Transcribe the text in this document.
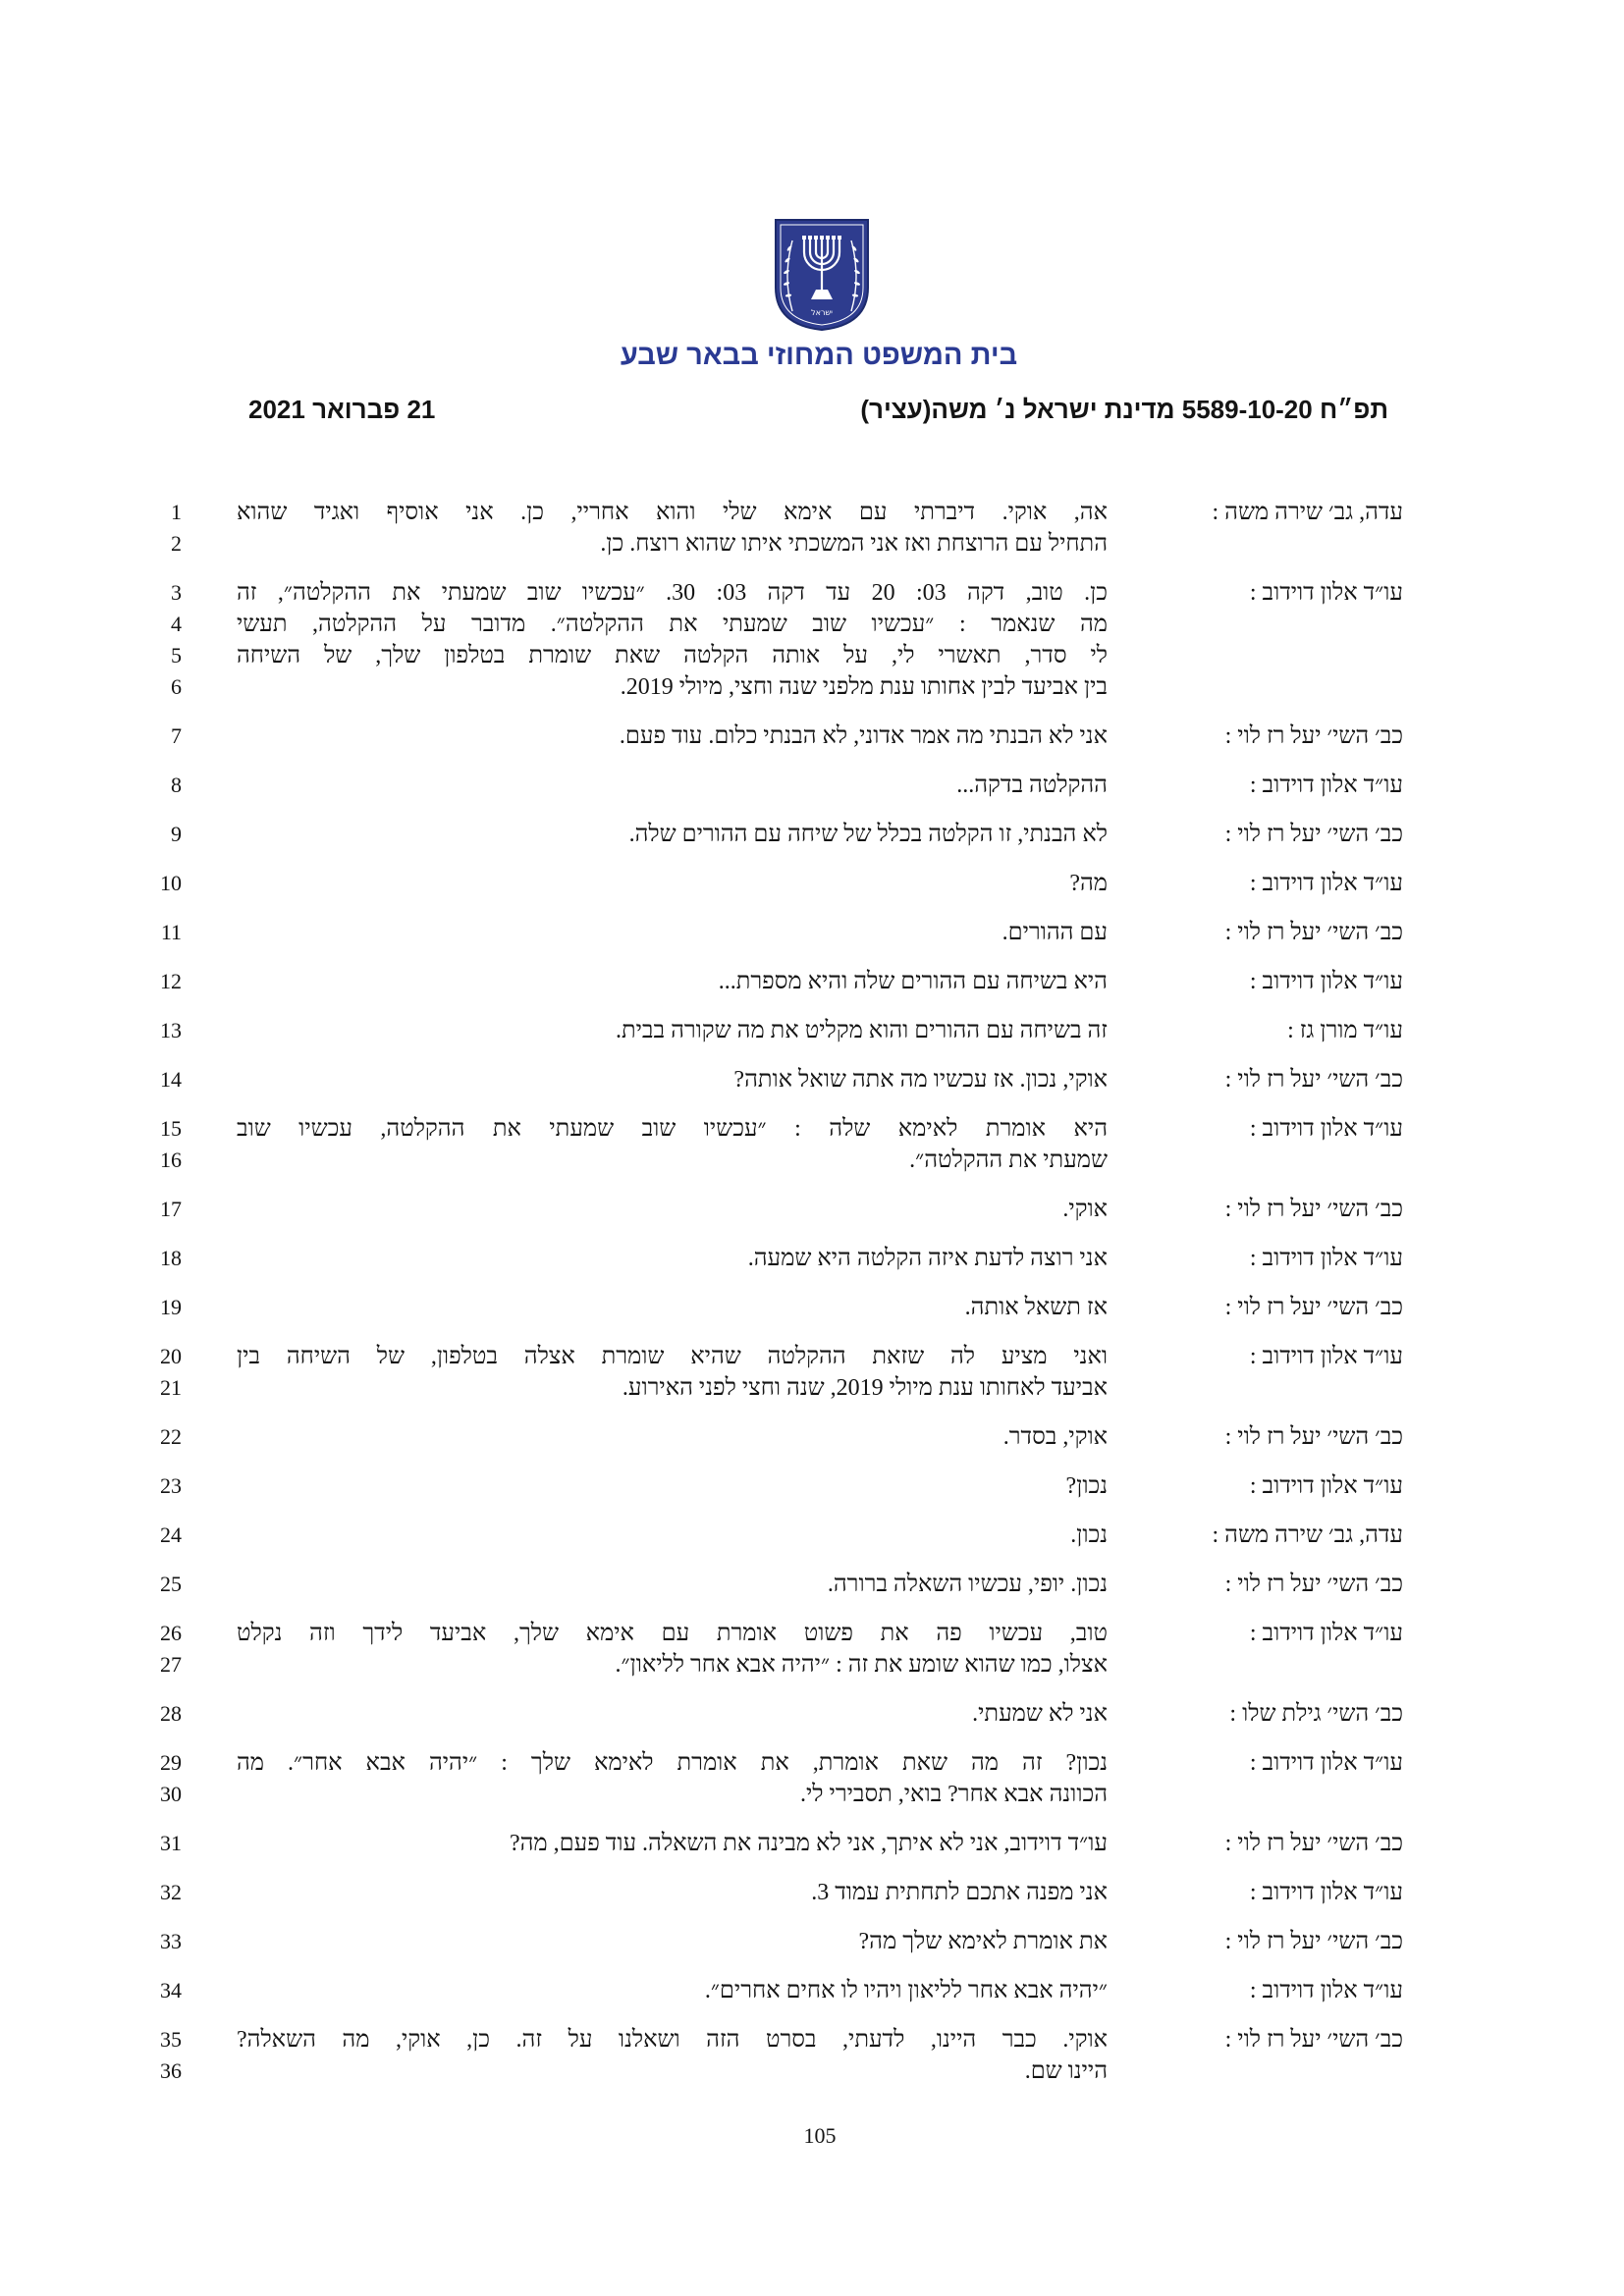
ישראל
בית המשפט המחוזי בבאר שבע
תפ״ח 5589-10-20 מדינת ישראל נ׳ משה(עציר)
21 פברואר 2021
עדה, גב׳ שירה משה :
אה, אוקי. דיברתי עם אימא שלי והוא אחריי, כן. אני אוסיף ואגיד שהוא
התחיל עם הרוצחת ואז אני המשכתי איתו שהוא רוצח. כן.
1
2
עו״ד אלון דוידוב :
כן. טוב, דקה 03: 20 עד דקה 03: 30. ״עכשיו שוב שמעתי את ההקלטה״, זה
מה שנאמר : ״עכשיו שוב שמעתי את ההקלטה״. מדובר על ההקלטה, תעשי
לי סדר, תאשרי לי, על אותה הקלטה שאת שומרת בטלפון שלך, של השיחה
בין אביעד לבין אחותו ענת מלפני שנה וחצי, מיולי 2019.
3
4
5
6
כב׳ השי׳ יעל רז לוי :
אני לא הבנתי מה אמר אדוני, לא הבנתי כלום. עוד פעם.
7
עו״ד אלון דוידוב :
ההקלטה בדקה...
8
כב׳ השי׳ יעל רז לוי :
לא הבנתי, זו הקלטה בכלל של שיחה עם ההורים שלה.
9
עו״ד אלון דוידוב :
מה?
10
כב׳ השי׳ יעל רז לוי :
עם ההורים.
11
עו״ד אלון דוידוב :
היא בשיחה עם ההורים שלה והיא מספרת...
12
עו״ד מורן גז :
זה בשיחה עם ההורים והוא מקליט את מה שקורה בבית.
13
כב׳ השי׳ יעל רז לוי :
אוקי, נכון. אז עכשיו מה אתה שואל אותה?
14
עו״ד אלון דוידוב :
היא אומרת לאימא שלה : ״עכשיו שוב שמעתי את ההקלטה, עכשיו שוב
שמעתי את ההקלטה״.
15
16
כב׳ השי׳ יעל רז לוי :
אוקי.
17
עו״ד אלון דוידוב :
אני רוצה לדעת איזה הקלטה היא שמעה.
18
כב׳ השי׳ יעל רז לוי :
אז תשאל אותה.
19
עו״ד אלון דוידוב :
ואני מציע לה שזאת ההקלטה שהיא שומרת אצלה בטלפון, של השיחה בין
אביעד לאחותו ענת מיולי 2019, שנה וחצי לפני האירוע.
20
21
כב׳ השי׳ יעל רז לוי :
אוקי, בסדר.
22
עו״ד אלון דוידוב :
נכון?
23
עדה, גב׳ שירה משה :
נכון.
24
כב׳ השי׳ יעל רז לוי :
נכון. יופי, עכשיו השאלה ברורה.
25
עו״ד אלון דוידוב :
טוב, עכשיו פה את פשוט אומרת עם אימא שלך, אביעד לידך וזה נקלט
אצלו, כמו שהוא שומע את זה : ״יהיה אבא אחר לליאון״.
26
27
כב׳ השי׳ גילת שלו :
אני לא שמעתי.
28
עו״ד אלון דוידוב :
נכון? זה מה שאת אומרת, את אומרת לאימא שלך : ״יהיה אבא אחר״. מה
הכוונה אבא אחר? בואי, תסבירי לי.
29
30
כב׳ השי׳ יעל רז לוי :
עו״ד דוידוב, אני לא איתך, אני לא מבינה את השאלה. עוד פעם, מה?
31
עו״ד אלון דוידוב :
אני מפנה אתכם לתחתית עמוד 3.
32
כב׳ השי׳ יעל רז לוי :
את אומרת לאימא שלך מה?
33
עו״ד אלון דוידוב :
״יהיה אבא אחר לליאון ויהיו לו אחים אחרים״.
34
כב׳ השי׳ יעל רז לוי :
אוקי. כבר היינו, לדעתי, בסרט הזה ושאלנו על זה. כן, אוקי, מה השאלה?
היינו שם.
35
36
105
